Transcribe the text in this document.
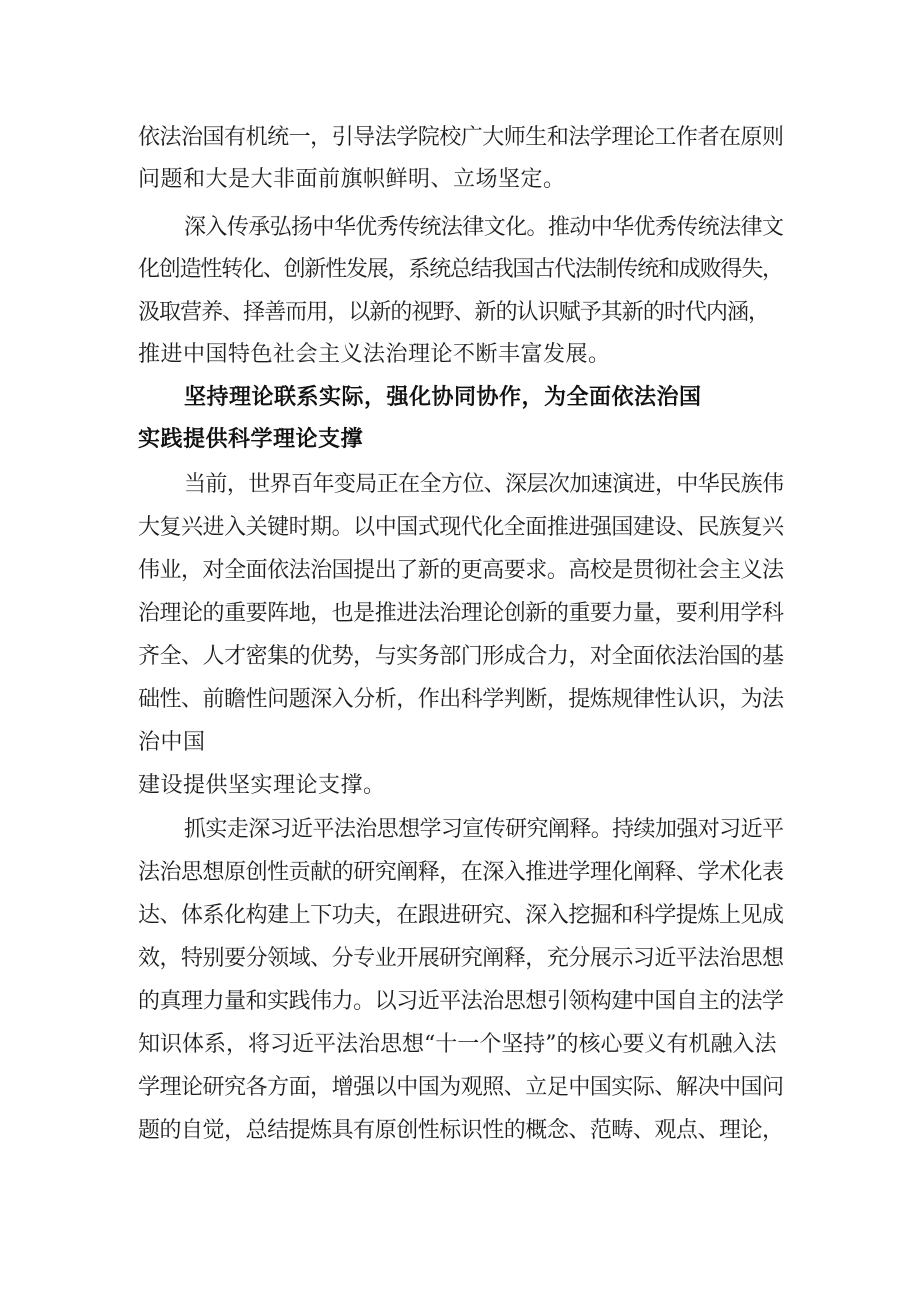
依法治国有机统一，引导法学院校广大师生和法学理论工作者在原则
问题和大是大非面前旗帜鲜明、立场坚定。
深入传承弘扬中华优秀传统法律文化。推动中华优秀传统法律文
化创造性转化、创新性发展，系统总结我国古代法制传统和成败得失，
汲取营养、择善而用，以新的视野、新的认识赋予其新的时代内涵，
推进中国特色社会主义法治理论不断丰富发展。
坚持理论联系实际，强化协同协作，为全面依法治国
实践提供科学理论支撑
当前，世界百年变局正在全方位、深层次加速演进，中华民族伟
大复兴进入关键时期。以中国式现代化全面推进强国建设、民族复兴
伟业，对全面依法治国提出了新的更高要求。高校是贯彻社会主义法
治理论的重要阵地，也是推进法治理论创新的重要力量，要利用学科
齐全、人才密集的优势，与实务部门形成合力，对全面依法治国的基
础性、前瞻性问题深入分析，作出科学判断，提炼规律性认识，为法
治中国
建设提供坚实理论支撑。
抓实走深习近平法治思想学习宣传研究阐释。持续加强对习近平
法治思想原创性贡献的研究阐释，在深入推进学理化阐释、学术化表
达、体系化构建上下功夫，在跟进研究、深入挖掘和科学提炼上见成
效，特别要分领域、分专业开展研究阐释，充分展示习近平法治思想
的真理力量和实践伟力。以习近平法治思想引领构建中国自主的法学
知识体系，将习近平法治思想“十一个坚持”的核心要义有机融入法
学理论研究各方面，增强以中国为观照、立足中国实际、解决中国问
题的自觉，总结提炼具有原创性标识性的概念、范畴、观点、理论，
